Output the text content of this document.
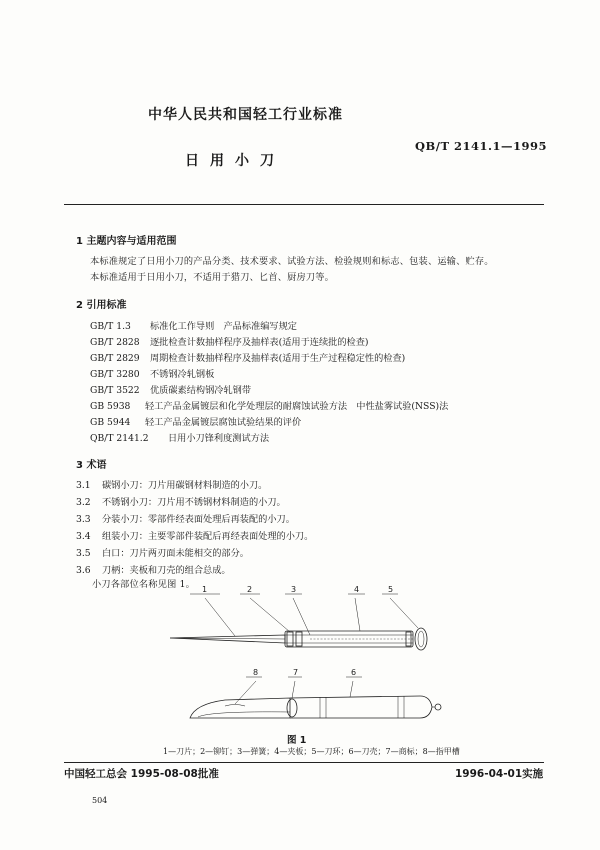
中华人民共和国轻工行业标准
QB/T 2141.1—1995
日用小刀
1 主题内容与适用范围
本标准规定了日用小刀的产品分类、技术要求、试验方法、检验规则和标志、包装、运输、贮存。
本标准适用于日用小刀，不适用于猎刀、匕首、厨房刀等。
2 引用标准
GB/T 1.3 标准化工作导则　产品标准编写规定
GB/T 2828 逐批检查计数抽样程序及抽样表(适用于连续批的检查)
GB/T 2829 周期检查计数抽样程序及抽样表(适用于生产过程稳定性的检查)
GB/T 3280 不锈钢冷轧钢板
GB/T 3522 优质碳素结构钢冷轧钢带
GB 5938 轻工产品金属镀层和化学处理层的耐腐蚀试验方法　中性盐雾试验(NSS)法
GB 5944 轻工产品金属镀层腐蚀试验结果的评价
QB/T 2141.2 日用小刀锋利度测试方法
3 术语
3.1 碳钢小刀：刀片用碳钢材料制造的小刀。
3.2 不锈钢小刀：刀片用不锈钢材料制造的小刀。
3.3 分装小刀：零部件经表面处理后再装配的小刀。
3.4 组装小刀：主要零部件装配后再经表面处理的小刀。
3.5 白口：刀片两刃面未能相交的部分。
3.6 刀柄：夹板和刀壳的组合总成。
小刀各部位名称见图 1。 1	2	3	4	5
8	7	6
图 1
1—刀片；2—铆钉；3—弹簧；4—夹板；5—刀环；6—刀壳；7—商标；8—指甲槽
中国轻工总会 1995-08-08批准	1996-04-01实施
504
